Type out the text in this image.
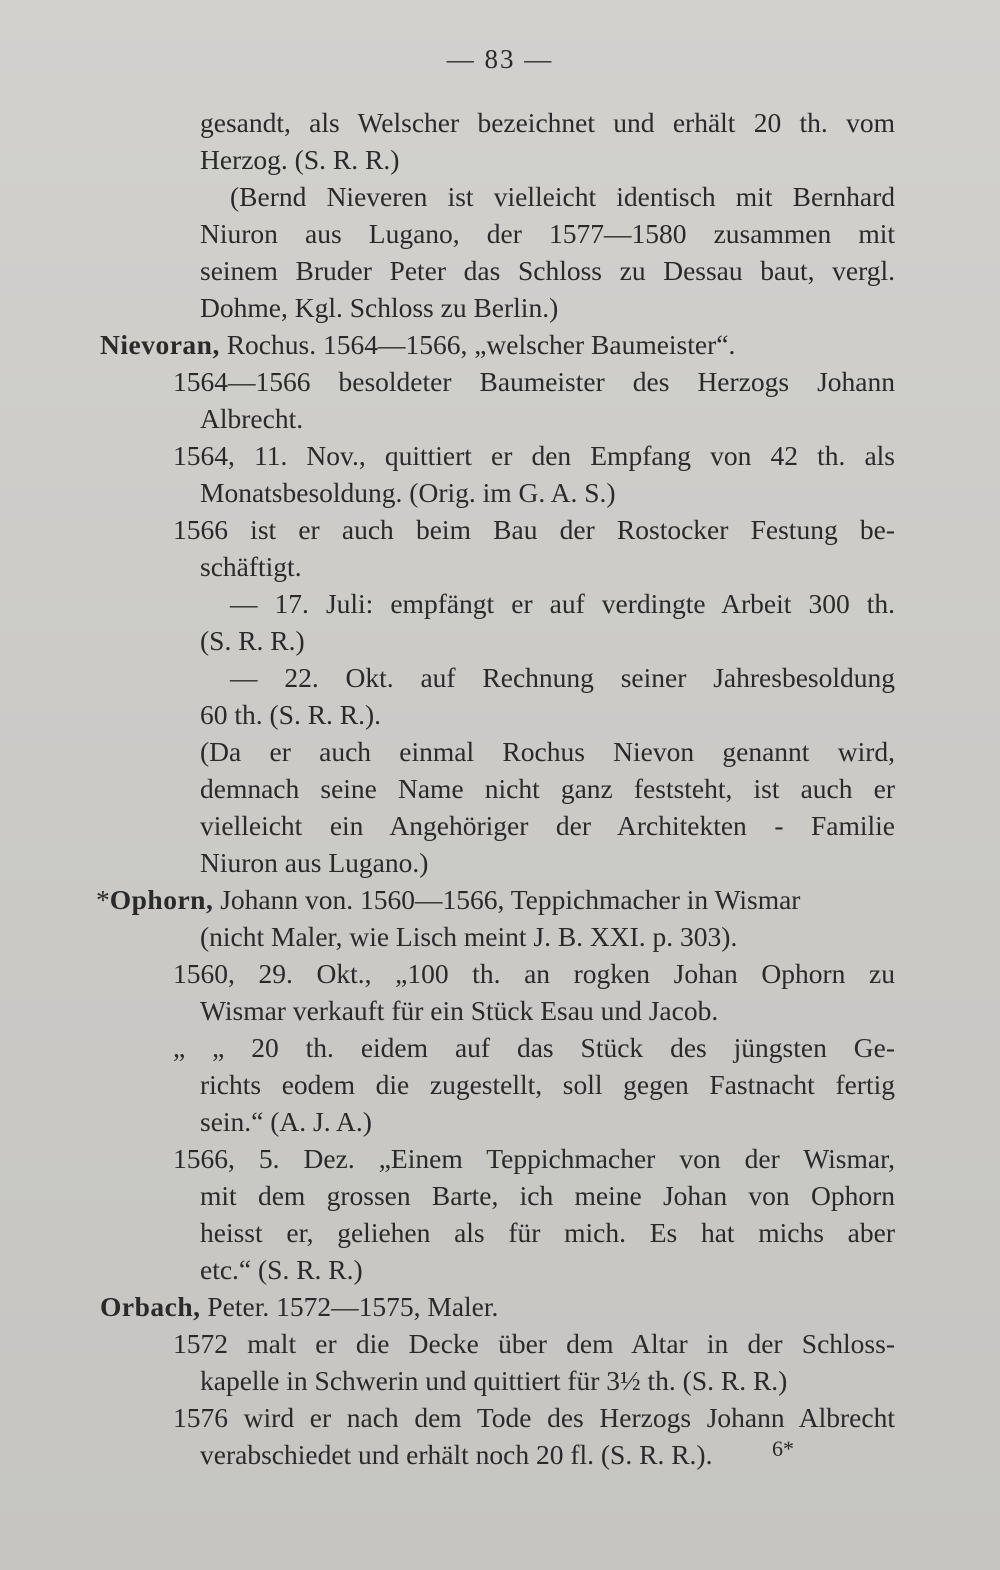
— 83 —
gesandt, als Welscher bezeichnet und erhält 20 th. vom
Herzog. (S. R. R.)
(Bernd Nieveren ist vielleicht identisch mit Bernhard
Niuron aus Lugano, der 1577—1580 zusammen mit
seinem Bruder Peter das Schloss zu Dessau baut, vergl.
Dohme, Kgl. Schloss zu Berlin.)
Nievoran, Rochus. 1564—1566, „welscher Baumeister“.
1564—1566 besoldeter Baumeister des Herzogs Johann
Albrecht.
1564, 11. Nov., quittiert er den Empfang von 42 th. als
Monatsbesoldung. (Orig. im G. A. S.)
1566 ist er auch beim Bau der Rostocker Festung be-
schäftigt.
— 17. Juli: empfängt er auf verdingte Arbeit 300 th.
(S. R. R.)
— 22. Okt. auf Rechnung seiner Jahresbesoldung
60 th. (S. R. R.).
(Da er auch einmal Rochus Nievon genannt wird,
demnach seine Name nicht ganz feststeht, ist auch er
vielleicht ein Angehöriger der Architekten - Familie
Niuron aus Lugano.)
*Ophorn, Johann von. 1560—1566, Teppichmacher in Wismar
(nicht Maler, wie Lisch meint J. B. XXI. p. 303).
1560, 29. Okt., „100 th. an rogken Johan Ophorn zu
Wismar verkauft für ein Stück Esau und Jacob.
„ „ 20 th. eidem auf das Stück des jüngsten Ge-
richts eodem die zugestellt, soll gegen Fastnacht fertig
sein.“ (A. J. A.)
1566, 5. Dez. „Einem Teppichmacher von der Wismar,
mit dem grossen Barte, ich meine Johan von Ophorn
heisst er, geliehen als für mich. Es hat michs aber
etc.“ (S. R. R.)
Orbach, Peter. 1572—1575, Maler.
1572 malt er die Decke über dem Altar in der Schloss-
kapelle in Schwerin und quittiert für 3½ th. (S. R. R.)
1576 wird er nach dem Tode des Herzogs Johann Albrecht
verabschiedet und erhält noch 20 fl. (S. R. R.).	6*
